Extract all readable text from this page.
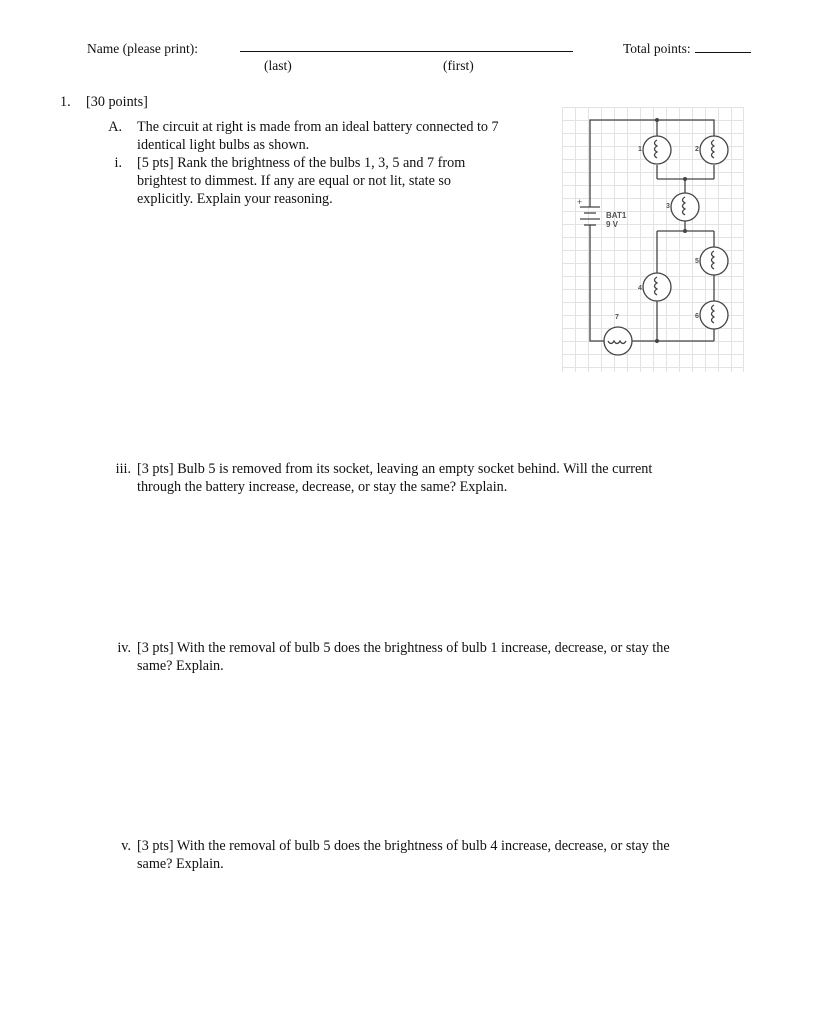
Name (please print):
(last)	(first)
Total points:
1. [30 points]
A. The circuit at right is made from an ideal battery connected to 7
identical light bulbs as shown.
i. [5 pts] Rank the brightness of the bulbs 1, 3, 5 and 7 from
brightest to dimmest. If any are equal or not lit, state so
explicitly. Explain your reasoning.
iii. [3 pts] Bulb 5 is removed from its socket, leaving an empty socket behind. Will the current
through the battery increase, decrease, or stay the same? Explain.
iv. [3 pts] With the removal of bulb 5 does the brightness of bulb 1 increase, decrease, or stay the
same? Explain.
v. [3 pts] With the removal of bulb 5 does the brightness of bulb 4 increase, decrease, or stay the
same? Explain.
+
BAT1
9 V
1	2
3
4
5
6
7
